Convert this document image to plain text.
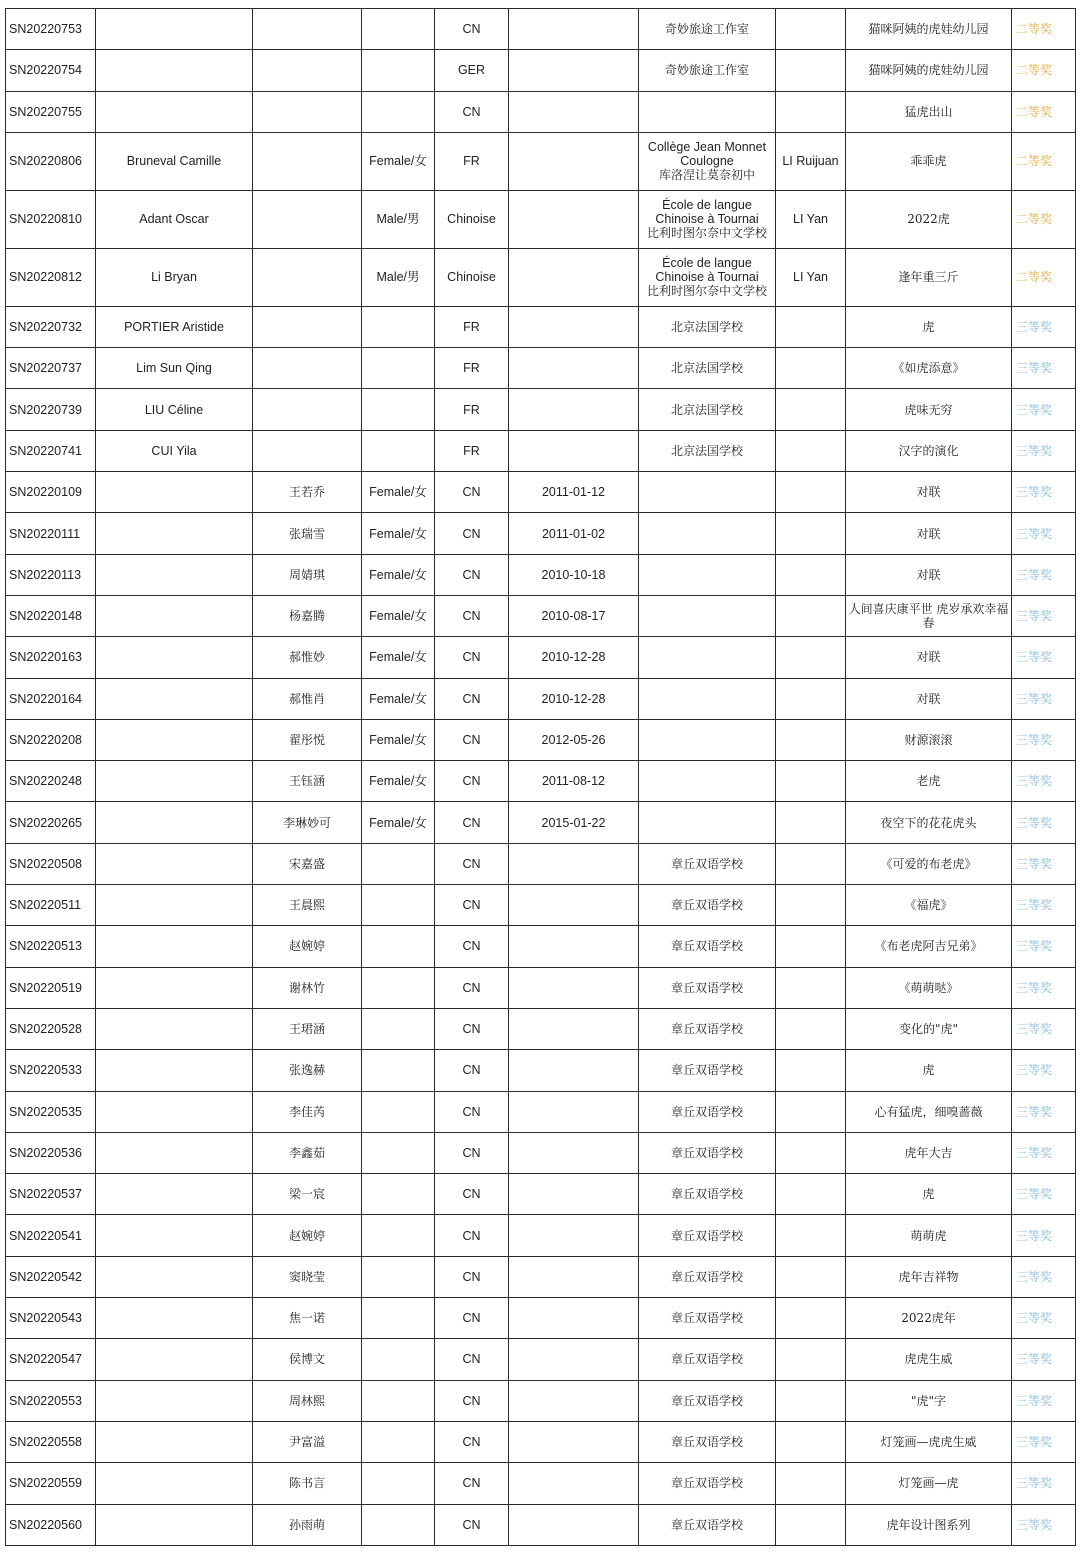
SN20220753				CN		奇妙旅途工作室		猫咪阿姨的虎娃幼儿园	二等奖
SN20220754				GER		奇妙旅途工作室		猫咪阿姨的虎娃幼儿园	二等奖
SN20220755				CN				猛虎出山	二等奖
SN20220806	Bruneval Camille		Female/女	FR		Collège Jean Monnet
Coulogne
库洛涅让莫奈初中	LI Ruijuan	乖乖虎	二等奖
SN20220810	Adant Oscar		Male/男	Chinoise		École de langue
Chinoise à Tournai
比利时图尔奈中文学校	LI Yan	2022虎	二等奖
SN20220812	Li Bryan		Male/男	Chinoise		École de langue
Chinoise à Tournai
比利时图尔奈中文学校	LI Yan	逢年重三斤	二等奖
SN20220732	PORTIER Aristide			FR		北京法国学校		虎	三等奖
SN20220737	Lim Sun Qing			FR		北京法国学校		《如虎添意》	三等奖
SN20220739	LIU Céline			FR		北京法国学校		虎味无穷	三等奖
SN20220741	CUI Yila			FR		北京法国学校		汉字的演化	三等奖
SN20220109		王若乔	Female/女	CN	2011-01-12			对联	三等奖
SN20220111		张瑞雪	Female/女	CN	2011-01-02			对联	三等奖
SN20220113		周婧琪	Female/女	CN	2010-10-18			对联	三等奖
SN20220148		杨嘉腾	Female/女	CN	2010-08-17			人间喜庆康平世 虎岁承欢幸福春	三等奖
SN20220163		郝惟妙	Female/女	CN	2010-12-28			对联	三等奖
SN20220164		郝惟肖	Female/女	CN	2010-12-28			对联	三等奖
SN20220208		翟彤悦	Female/女	CN	2012-05-26			财源滚滚	三等奖
SN20220248		王钰涵	Female/女	CN	2011-08-12			老虎	三等奖
SN20220265		李琳妙可	Female/女	CN	2015-01-22			夜空下的花花虎头	三等奖
SN20220508		宋嘉盛		CN		章丘双语学校		《可爱的布老虎》	三等奖
SN20220511		王晨熙		CN		章丘双语学校		《福虎》	三等奖
SN20220513		赵婉婷		CN		章丘双语学校		《布老虎阿吉兄弟》	三等奖
SN20220519		谢林竹		CN		章丘双语学校		《萌萌哒》	三等奖
SN20220528		王珺涵		CN		章丘双语学校		变化的"虎"	三等奖
SN20220533		张逸赫		CN		章丘双语学校		虎	三等奖
SN20220535		李佳芮		CN		章丘双语学校		心有猛虎，细嗅蔷薇	三等奖
SN20220536		李鑫茹		CN		章丘双语学校		虎年大吉	三等奖
SN20220537		梁一宸		CN		章丘双语学校		虎	三等奖
SN20220541		赵婉婷		CN		章丘双语学校		萌萌虎	三等奖
SN20220542		窦晓莹		CN		章丘双语学校		虎年吉祥物	三等奖
SN20220543		焦一诺		CN		章丘双语学校		2022虎年	三等奖
SN20220547		侯博文		CN		章丘双语学校		虎虎生威	三等奖
SN20220553		周林熙		CN		章丘双语学校		"虎"字	三等奖
SN20220558		尹富溢		CN		章丘双语学校		灯笼画—虎虎生威	三等奖
SN20220559		陈书言		CN		章丘双语学校		灯笼画—虎	三等奖
SN20220560		孙雨萌		CN		章丘双语学校		虎年设计图系列	三等奖
